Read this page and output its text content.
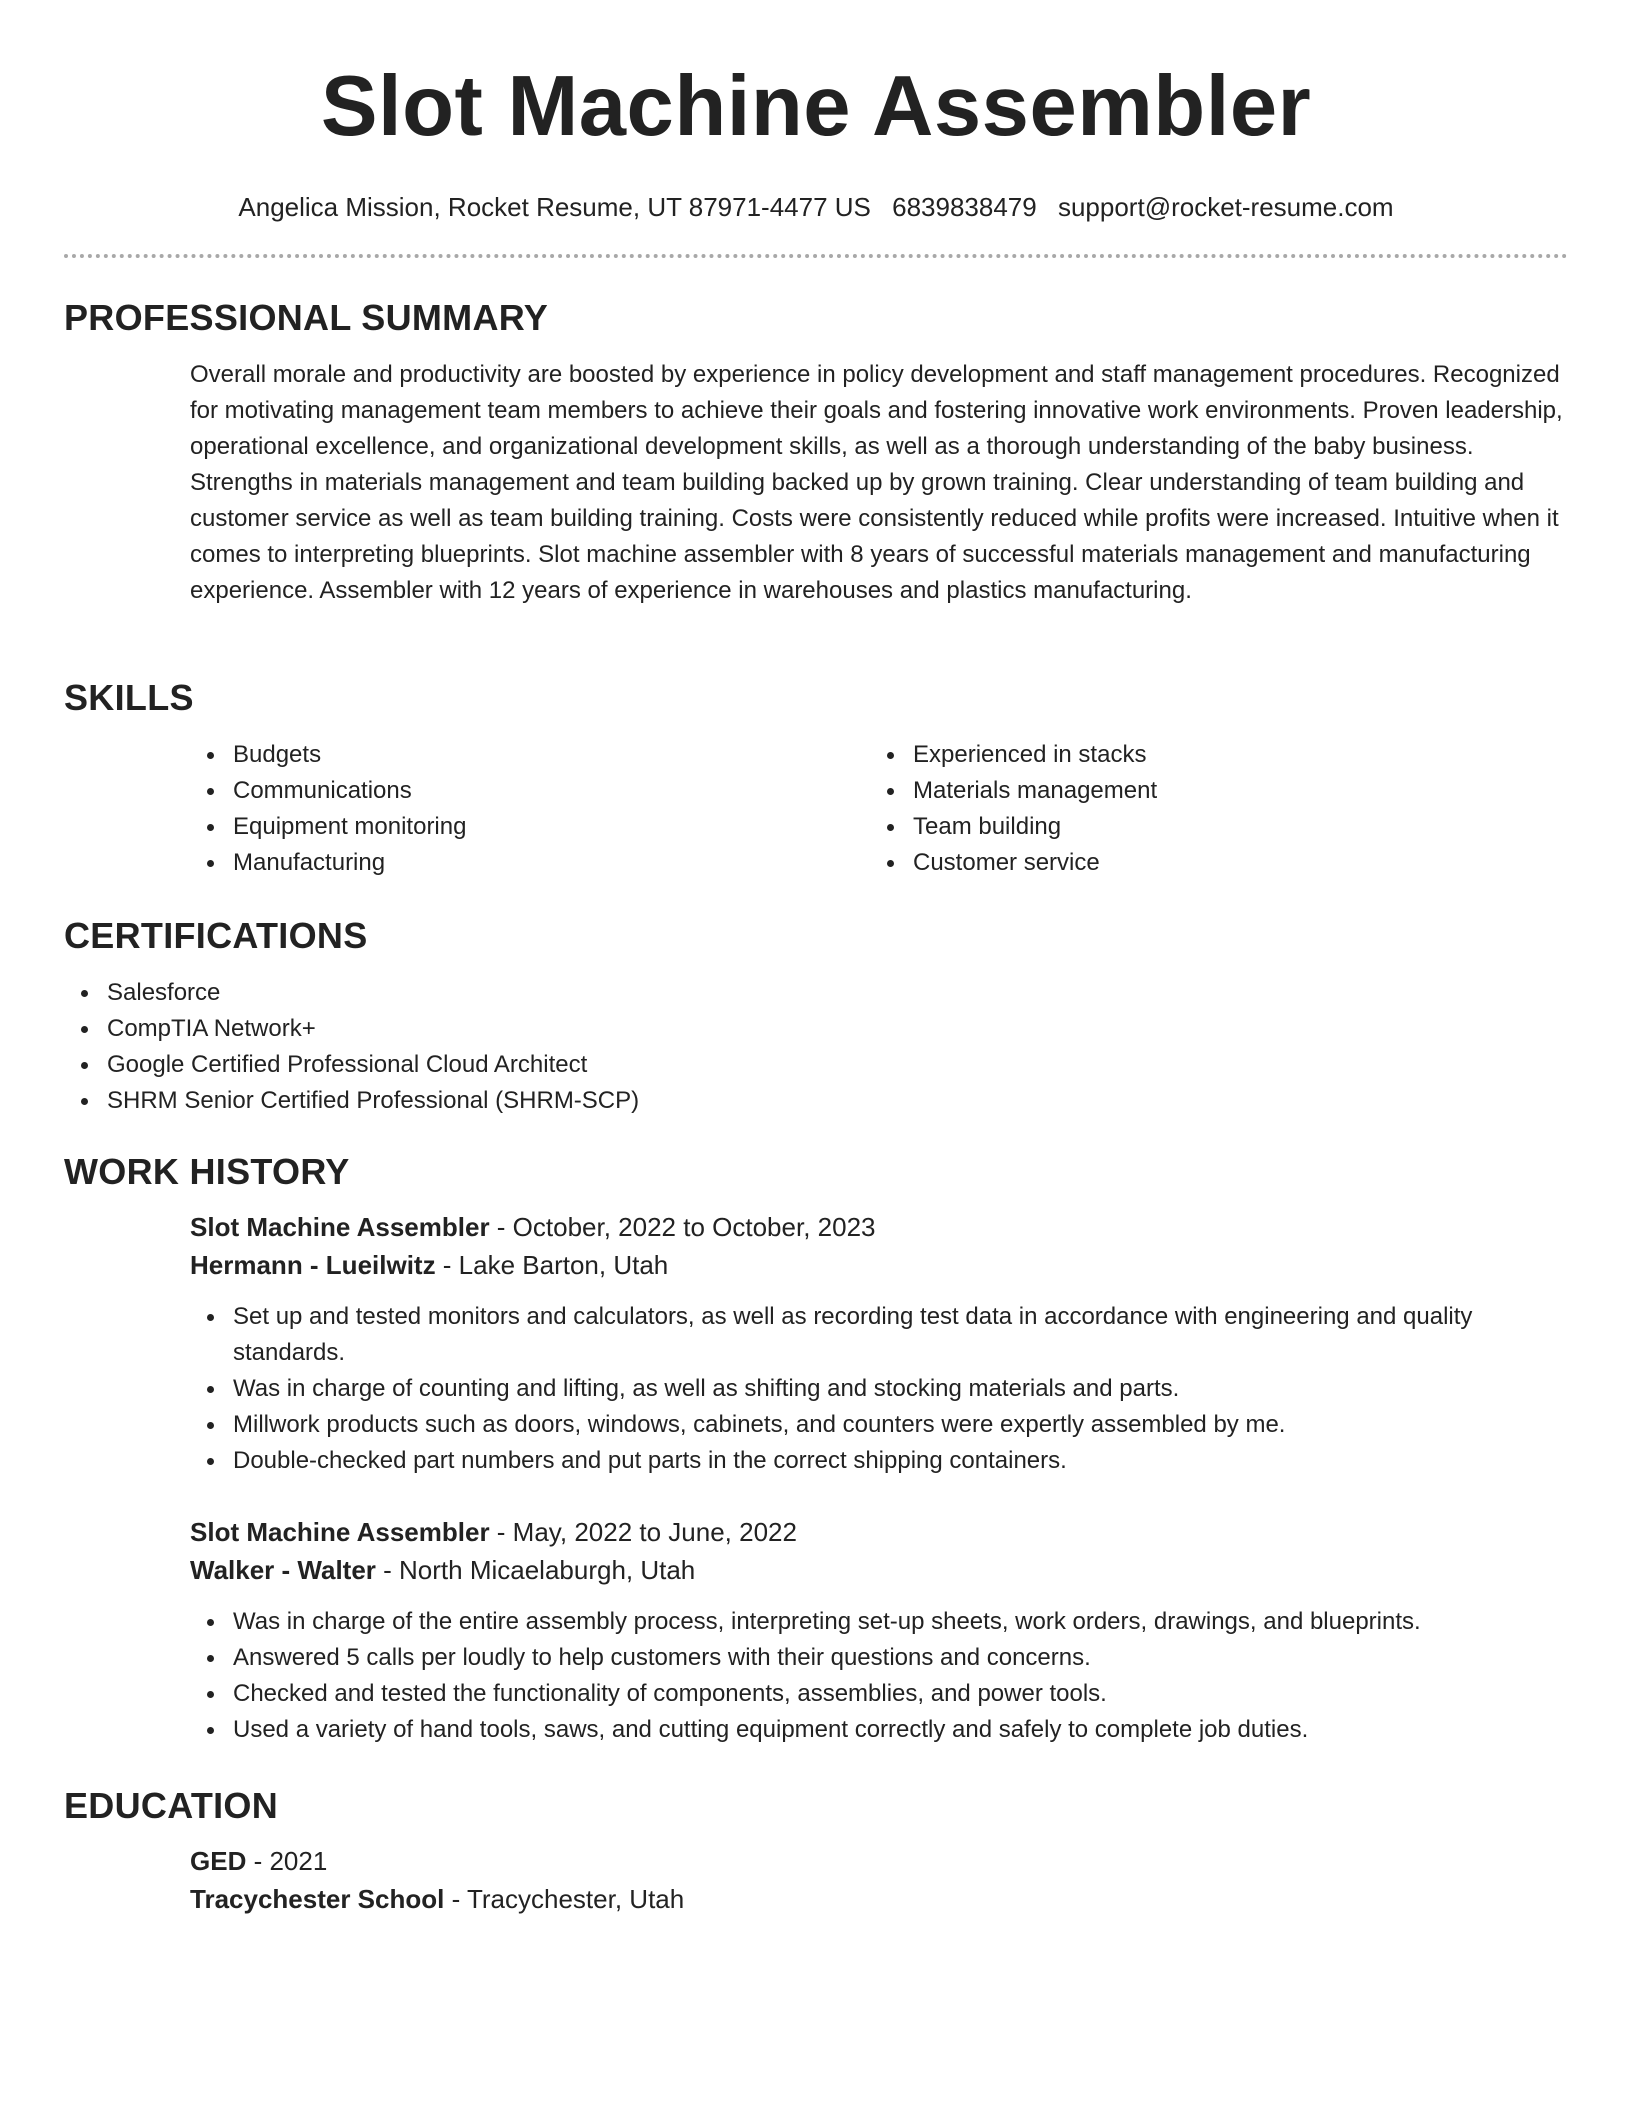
Slot Machine Assembler
Angelica Mission, Rocket Resume, UT 87971-4477 US 6839838479 support@rocket-resume.com
PROFESSIONAL SUMMARY
Overall morale and productivity are boosted by experience in policy development and staff management procedures. Recognized for motivating management team members to achieve their goals and fostering innovative work environments. Proven leadership, operational excellence, and organizational development skills, as well as a thorough understanding of the baby business. Strengths in materials management and team building backed up by grown training. Clear understanding of team building and customer service as well as team building training. Costs were consistently reduced while profits were increased. Intuitive when it comes to interpreting blueprints. Slot machine assembler with 8 years of successful materials management and manufacturing experience. Assembler with 12 years of experience in warehouses and plastics manufacturing.
SKILLS
Budgets
Communications
Equipment monitoring
Manufacturing
Experienced in stacks
Materials management
Team building
Customer service
CERTIFICATIONS
Salesforce
CompTIA Network+
Google Certified Professional Cloud Architect
SHRM Senior Certified Professional (SHRM-SCP)
WORK HISTORY
Slot Machine Assembler - October, 2022 to October, 2023
Hermann - Lueilwitz - Lake Barton, Utah
Set up and tested monitors and calculators, as well as recording test data in accordance with engineering and quality standards.
Was in charge of counting and lifting, as well as shifting and stocking materials and parts.
Millwork products such as doors, windows, cabinets, and counters were expertly assembled by me.
Double-checked part numbers and put parts in the correct shipping containers.
Slot Machine Assembler - May, 2022 to June, 2022
Walker - Walter - North Micaelaburgh, Utah
Was in charge of the entire assembly process, interpreting set-up sheets, work orders, drawings, and blueprints.
Answered 5 calls per loudly to help customers with their questions and concerns.
Checked and tested the functionality of components, assemblies, and power tools.
Used a variety of hand tools, saws, and cutting equipment correctly and safely to complete job duties.
EDUCATION
GED - 2021
Tracychester School - Tracychester, Utah
